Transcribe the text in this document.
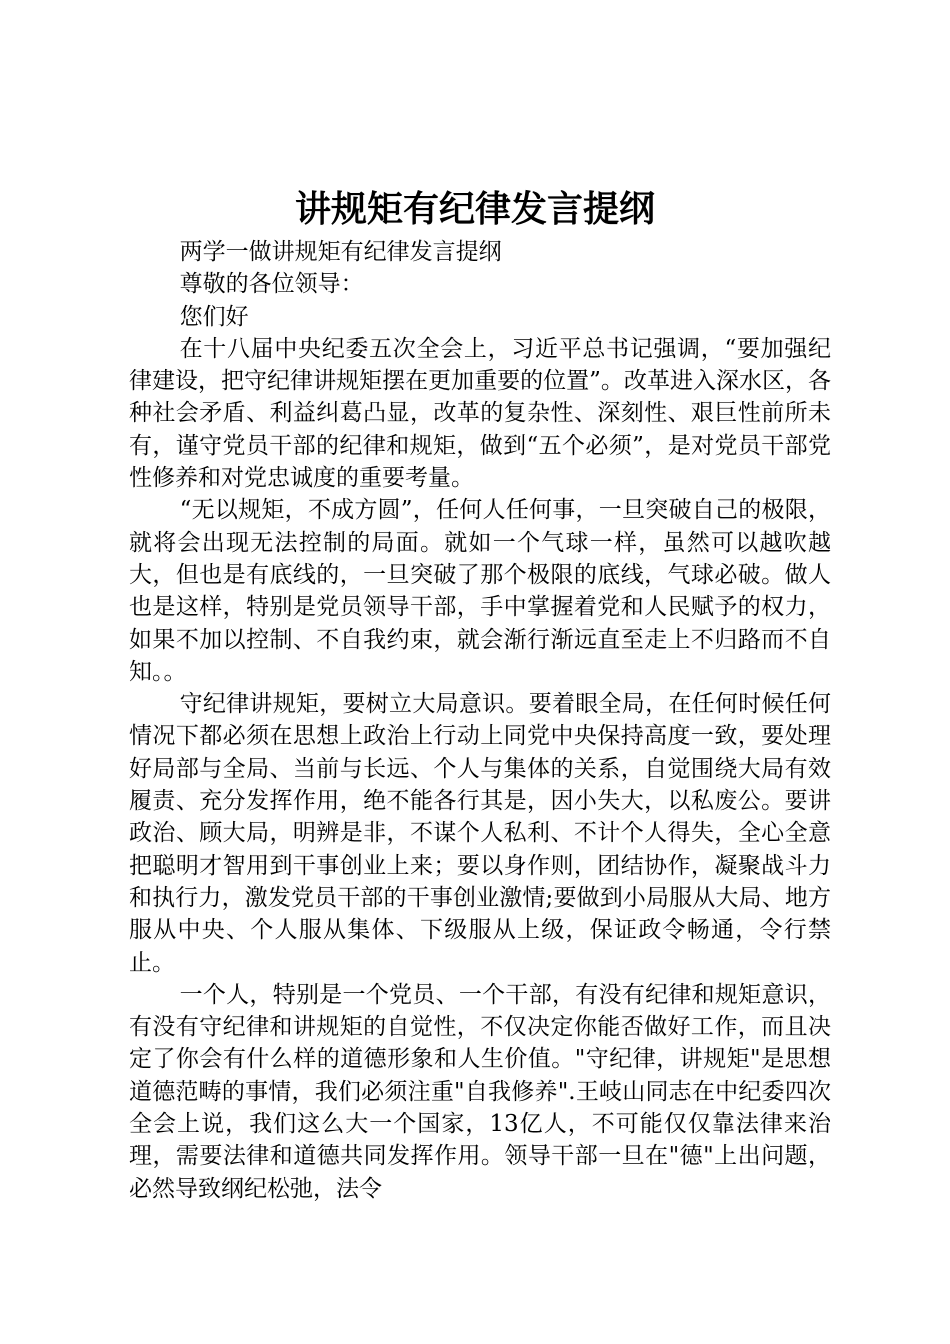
讲规矩有纪律发言提纲

两学一做讲规矩有纪律发言提纲

尊敬的各位领导：

您们好

在十八届中央纪委五次全会上，习近平总书记强调，“要加强纪律建设，把守纪律讲规矩摆在更加重要的位置”。改革进入深水区，各种社会矛盾、利益纠葛凸显，改革的复杂性、深刻性、艰巨性前所未有，谨守党员干部的纪律和规矩，做到“五个必须”，是对党员干部党性修养和对党忠诚度的重要考量。

“无以规矩，不成方圆”，任何人任何事，一旦突破自己的极限，就将会出现无法控制的局面。就如一个气球一样，虽然可以越吹越大，但也是有底线的，一旦突破了那个极限的底线，气球必破。做人也是这样，特别是党员领导干部，手中掌握着党和人民赋予的权力，如果不加以控制、不自我约束，就会渐行渐远直至走上不归路而不自知。。

守纪律讲规矩，要树立大局意识。要着眼全局，在任何时候任何情况下都必须在思想上政治上行动上同党中央保持高度一致，要处理好局部与全局、当前与长远、个人与集体的关系，自觉围绕大局有效履责、充分发挥作用，绝不能各行其是，因小失大，以私废公。要讲政治、顾大局，明辨是非，不谋个人私利、不计个人得失，全心全意把聪明才智用到干事创业上来；要以身作则，团结协作，凝聚战斗力和执行力，激发党员干部的干事创业激情;要做到小局服从大局、地方服从中央、个人服从集体、下级服从上级，保证政令畅通，令行禁止。

一个人，特别是一个党员、一个干部，有没有纪律和规矩意识，有没有守纪律和讲规矩的自觉性，不仅决定你能否做好工作，而且决定了你会有什么样的道德形象和人生价值。"守纪律，讲规矩"是思想道德范畴的事情，我们必须注重"自我修养".王岐山同志在中纪委四次全会上说，我们这么大一个国家，13亿人，不可能仅仅靠法律来治理，需要法律和道德共同发挥作用。领导干部一旦在"德"上出问题，必然导致纲纪松弛，法令
